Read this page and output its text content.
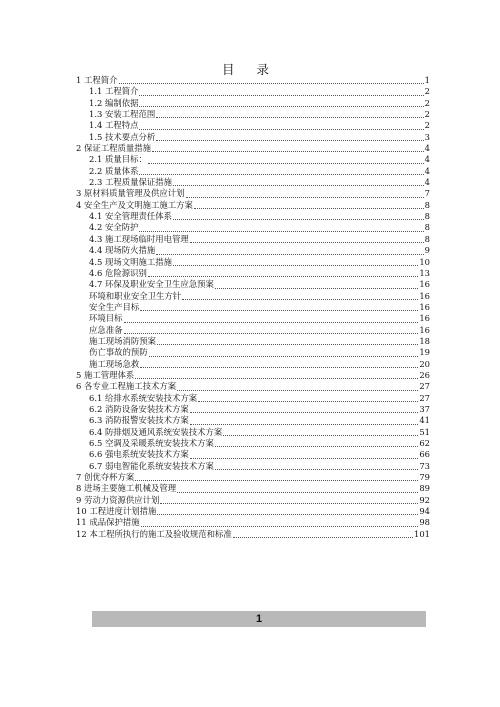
目 录
1 工程简介	1
1.1 工程简介	2
1.2 编制依据	2
1.3 安装工程范围	2
1.4 工程特点	2
1.5 技术要点分析	3
2 保证工程质量措施	4
2.1 质量目标：	4
2.2 质量体系	4
2.3 工程质量保证措施	4
3 原材料质量管理及供应计划	7
4 安全生产及文明施工施工方案	8
4.1 安全管理责任体系	8
4.2 安全防护	8
4.3 施工现场临时用电管理	8
4.4 现场防火措施	9
4.5 现场文明施工措施	10
4.6 危险源识别	13
4.7 环保及职业安全卫生应急预案	16
环境和职业安全卫生方针	16
安全生产目标	16
环境目标	16
应急准备	16
施工现场消防预案	18
伤亡事故的预防	19
施工现场急救	20
5 施工管理体系	26
6 各专业工程施工技术方案	27
6.1 给排水系统安装技术方案	27
6.2 消防设备安装技术方案	37
6.3 消防报警安装技术方案	41
6.4 防排烟及通风系统安装技术方案	51
6.5 空调及采暖系统安装技术方案	62
6.6 强电系统安装技术方案	66
6.7 弱电智能化系统安装技术方案	73
7 创优夺杯方案	79
8 进场主要施工机械及管理	89
9 劳动力资源供应计划	92
10 工程进度计划措施	94
11 成品保护措施	98
12 本工程所执行的施工及验收规范和标准	101
1
